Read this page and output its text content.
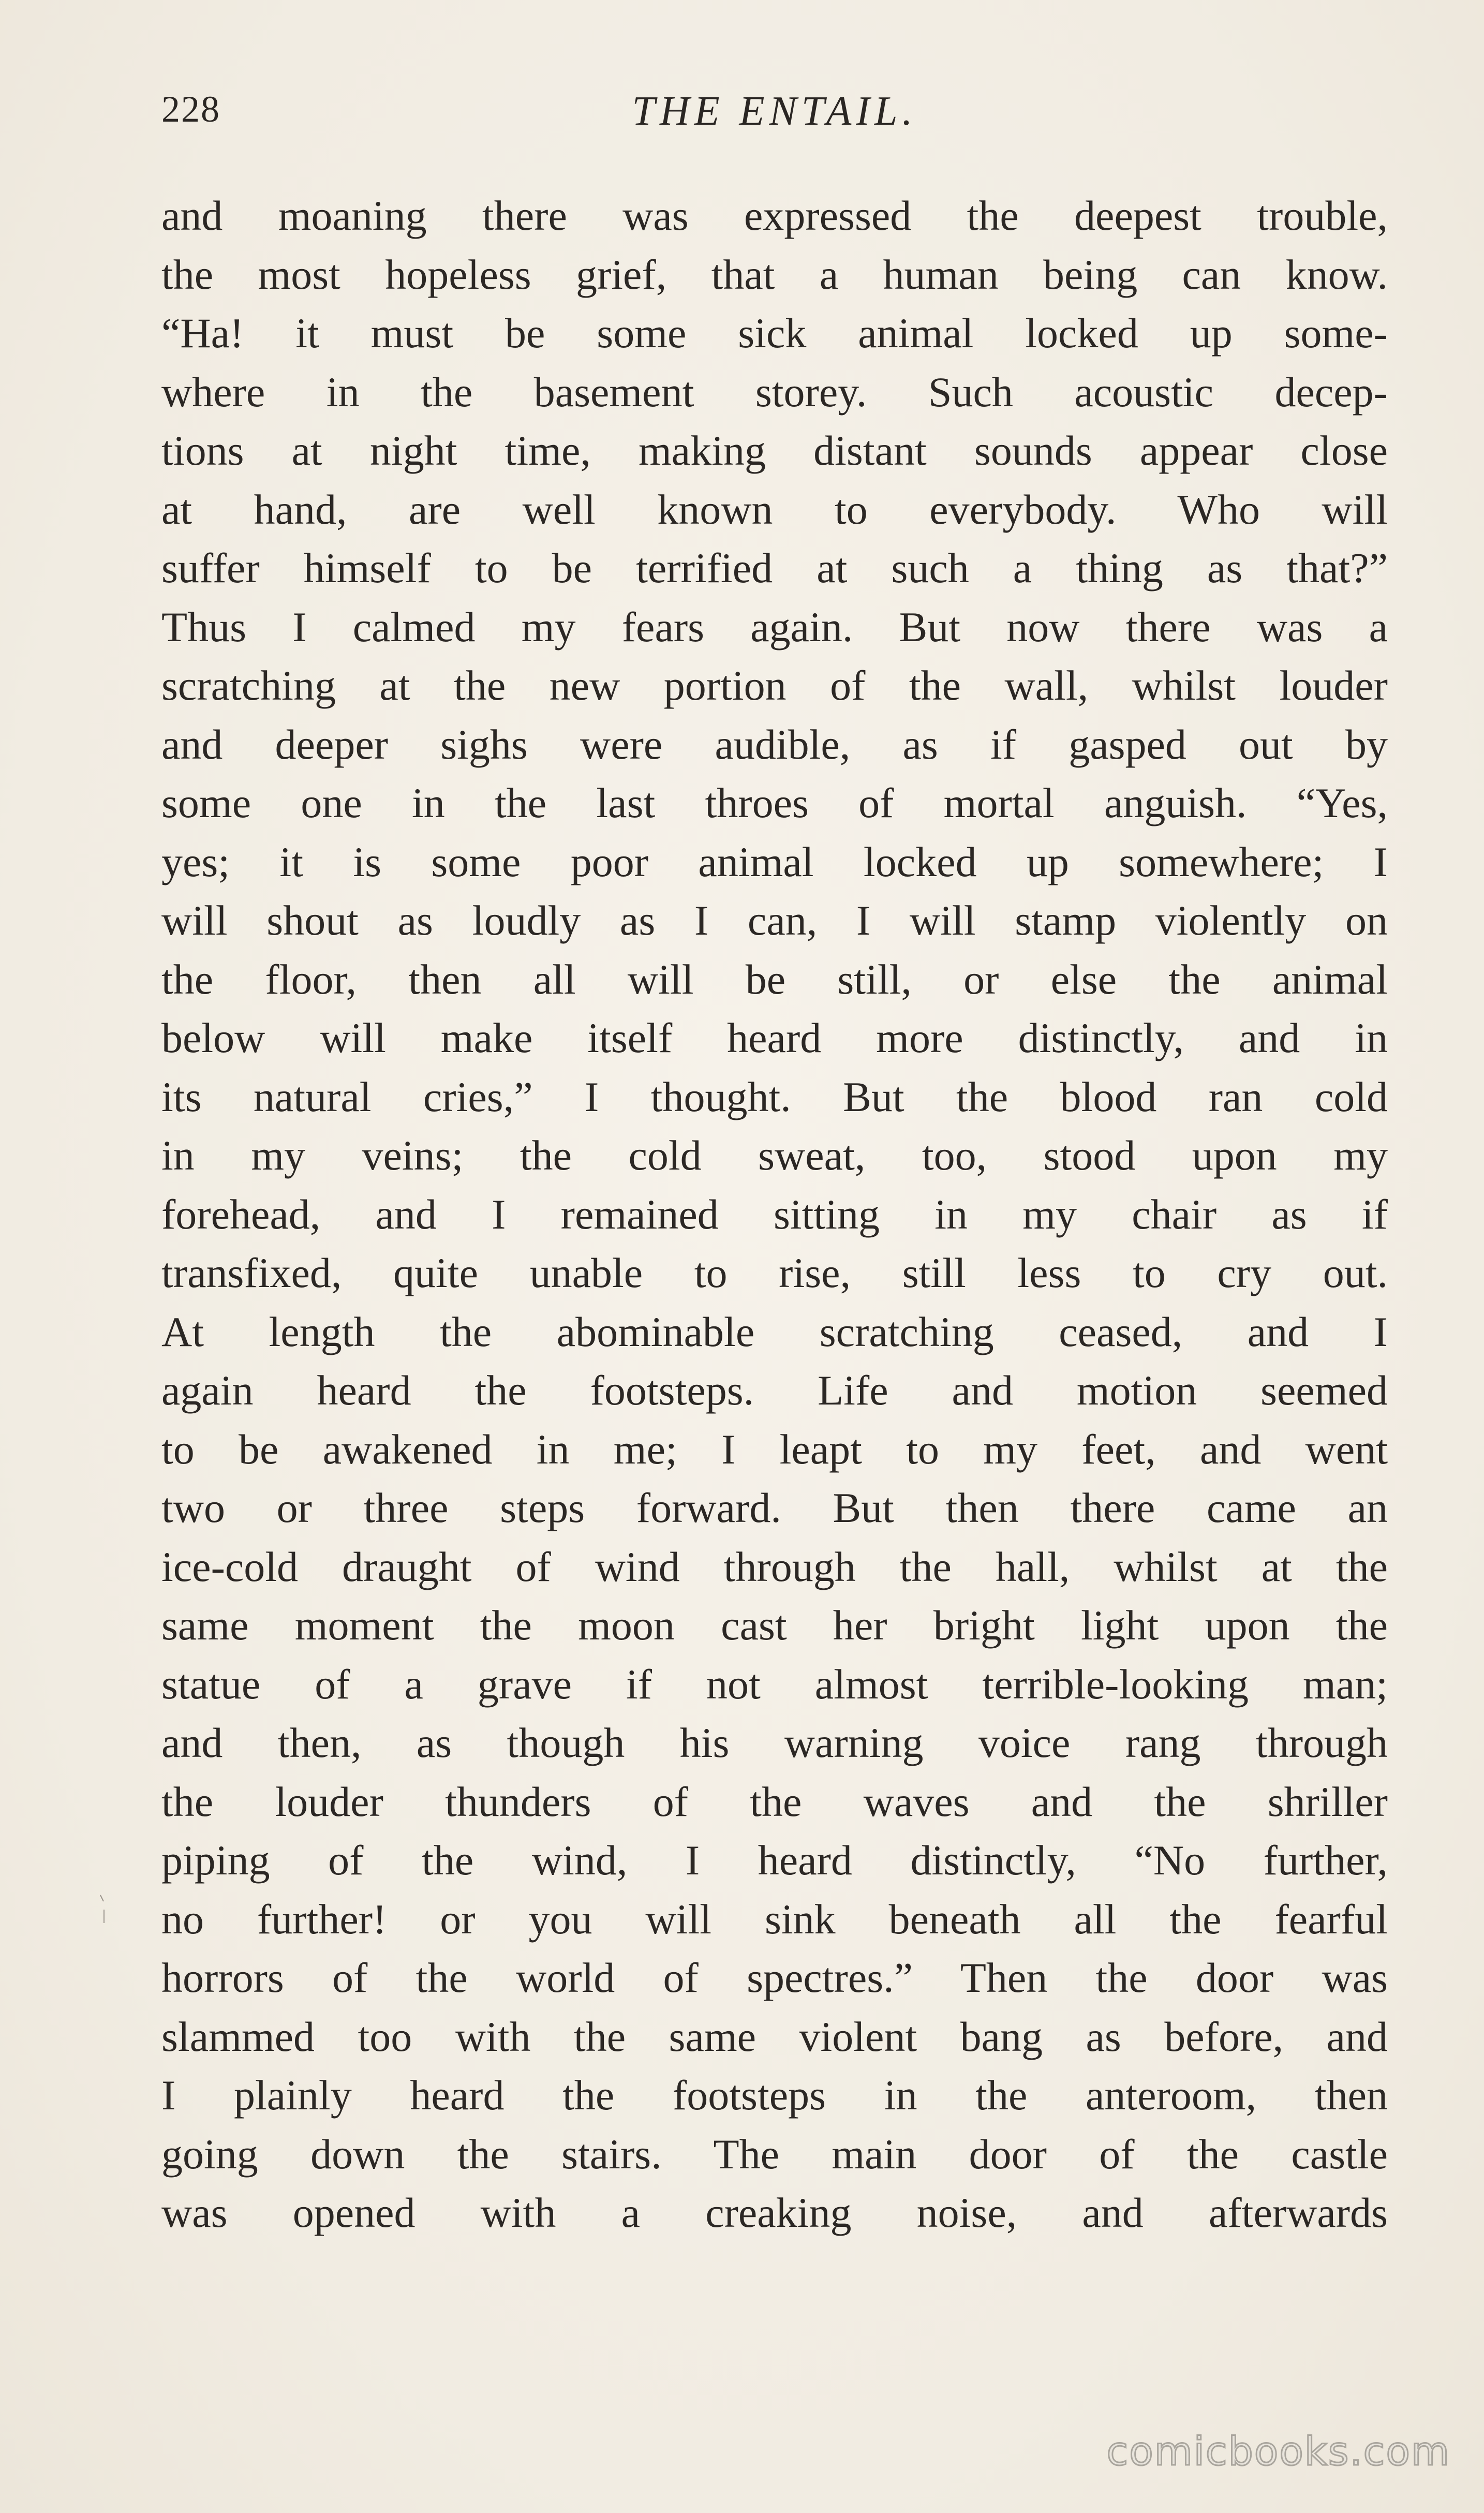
228	THE ENTAIL.
and moaning there was expressed the deepest trouble,
the most hopeless grief, that a human being can know.
“Ha! it must be some sick animal locked up some-
where in the basement storey. Such acoustic decep-
tions at night time, making distant sounds appear close
at hand, are well known to everybody. Who will
suffer himself to be terrified at such a thing as that?”
Thus I calmed my fears again. But now there was a
scratching at the new portion of the wall, whilst louder
and deeper sighs were audible, as if gasped out by
some one in the last throes of mortal anguish. “Yes,
yes; it is some poor animal locked up somewhere; I
will shout as loudly as I can, I will stamp violently on
the floor, then all will be still, or else the animal
below will make itself heard more distinctly, and in
its natural cries,” I thought. But the blood ran cold
in my veins; the cold sweat, too, stood upon my
forehead, and I remained sitting in my chair as if
transfixed, quite unable to rise, still less to cry out.
At length the abominable scratching ceased, and I
again heard the footsteps. Life and motion seemed
to be awakened in me; I leapt to my feet, and went
two or three steps forward. But then there came an
ice-cold draught of wind through the hall, whilst at the
same moment the moon cast her bright light upon the
statue of a grave if not almost terrible-looking man;
and then, as though his warning voice rang through
the louder thunders of the waves and the shriller
piping of the wind, I heard distinctly, “No further,
no further! or you will sink beneath all the fearful
horrors of the world of spectres.” Then the door was
slammed too with the same violent bang as before, and
I plainly heard the footsteps in the anteroom, then
going down the stairs. The main door of the castle
was opened with a creaking noise, and afterwards
comicbooks.com
